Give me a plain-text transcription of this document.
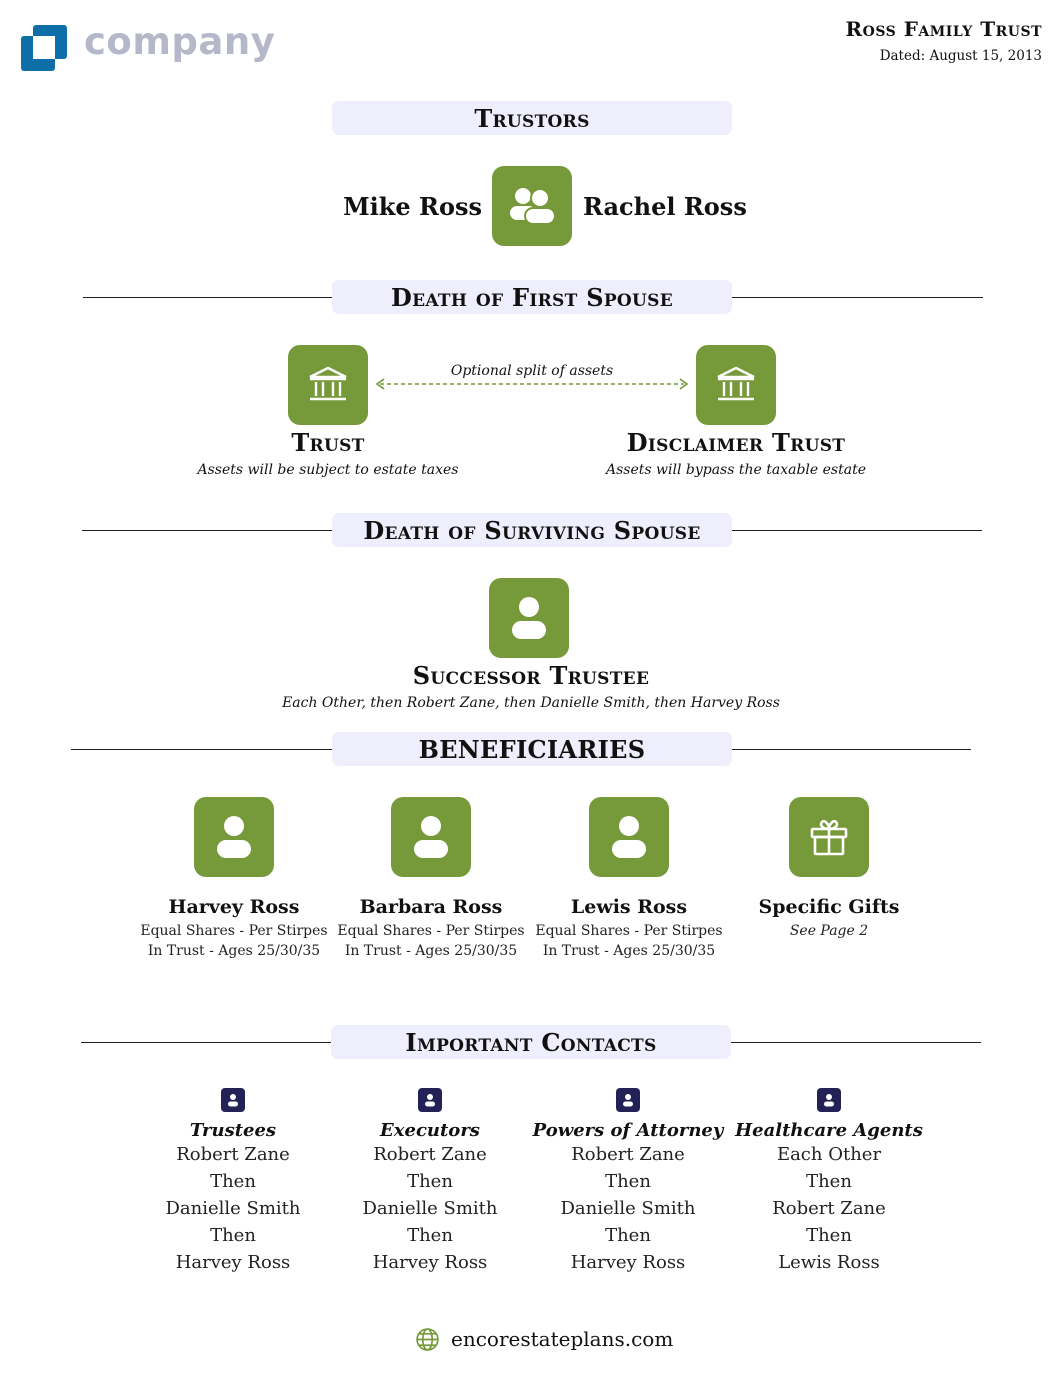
company	Ross Family Trust
Dated: August 15, 2013
Trustors
Mike Ross	Rachel Ross
Death of First Spouse
Optional split of assets
Trust
Assets will be subject to estate taxes
Disclaimer Trust
Assets will bypass the taxable estate
Death of Surviving Spouse
Successor Trustee
Each Other, then Robert Zane, then Danielle Smith, then Harvey Ross
BENEFICIARIES
Harvey Ross
Equal Shares - Per Stirpes
In Trust - Ages 25/30/35
Barbara Ross
Equal Shares - Per Stirpes
In Trust - Ages 25/30/35
Lewis Ross
Equal Shares - Per Stirpes
In Trust - Ages 25/30/35
Specific Gifts
See Page 2
Important Contacts
Trustees
Robert Zane
Then
Danielle Smith
Then
Harvey Ross
Executors
Robert Zane
Then
Danielle Smith
Then
Harvey Ross
Powers of Attorney
Robert Zane
Then
Danielle Smith
Then
Harvey Ross
Healthcare Agents
Each Other
Then
Robert Zane
Then
Lewis Ross
encorestateplans.com
